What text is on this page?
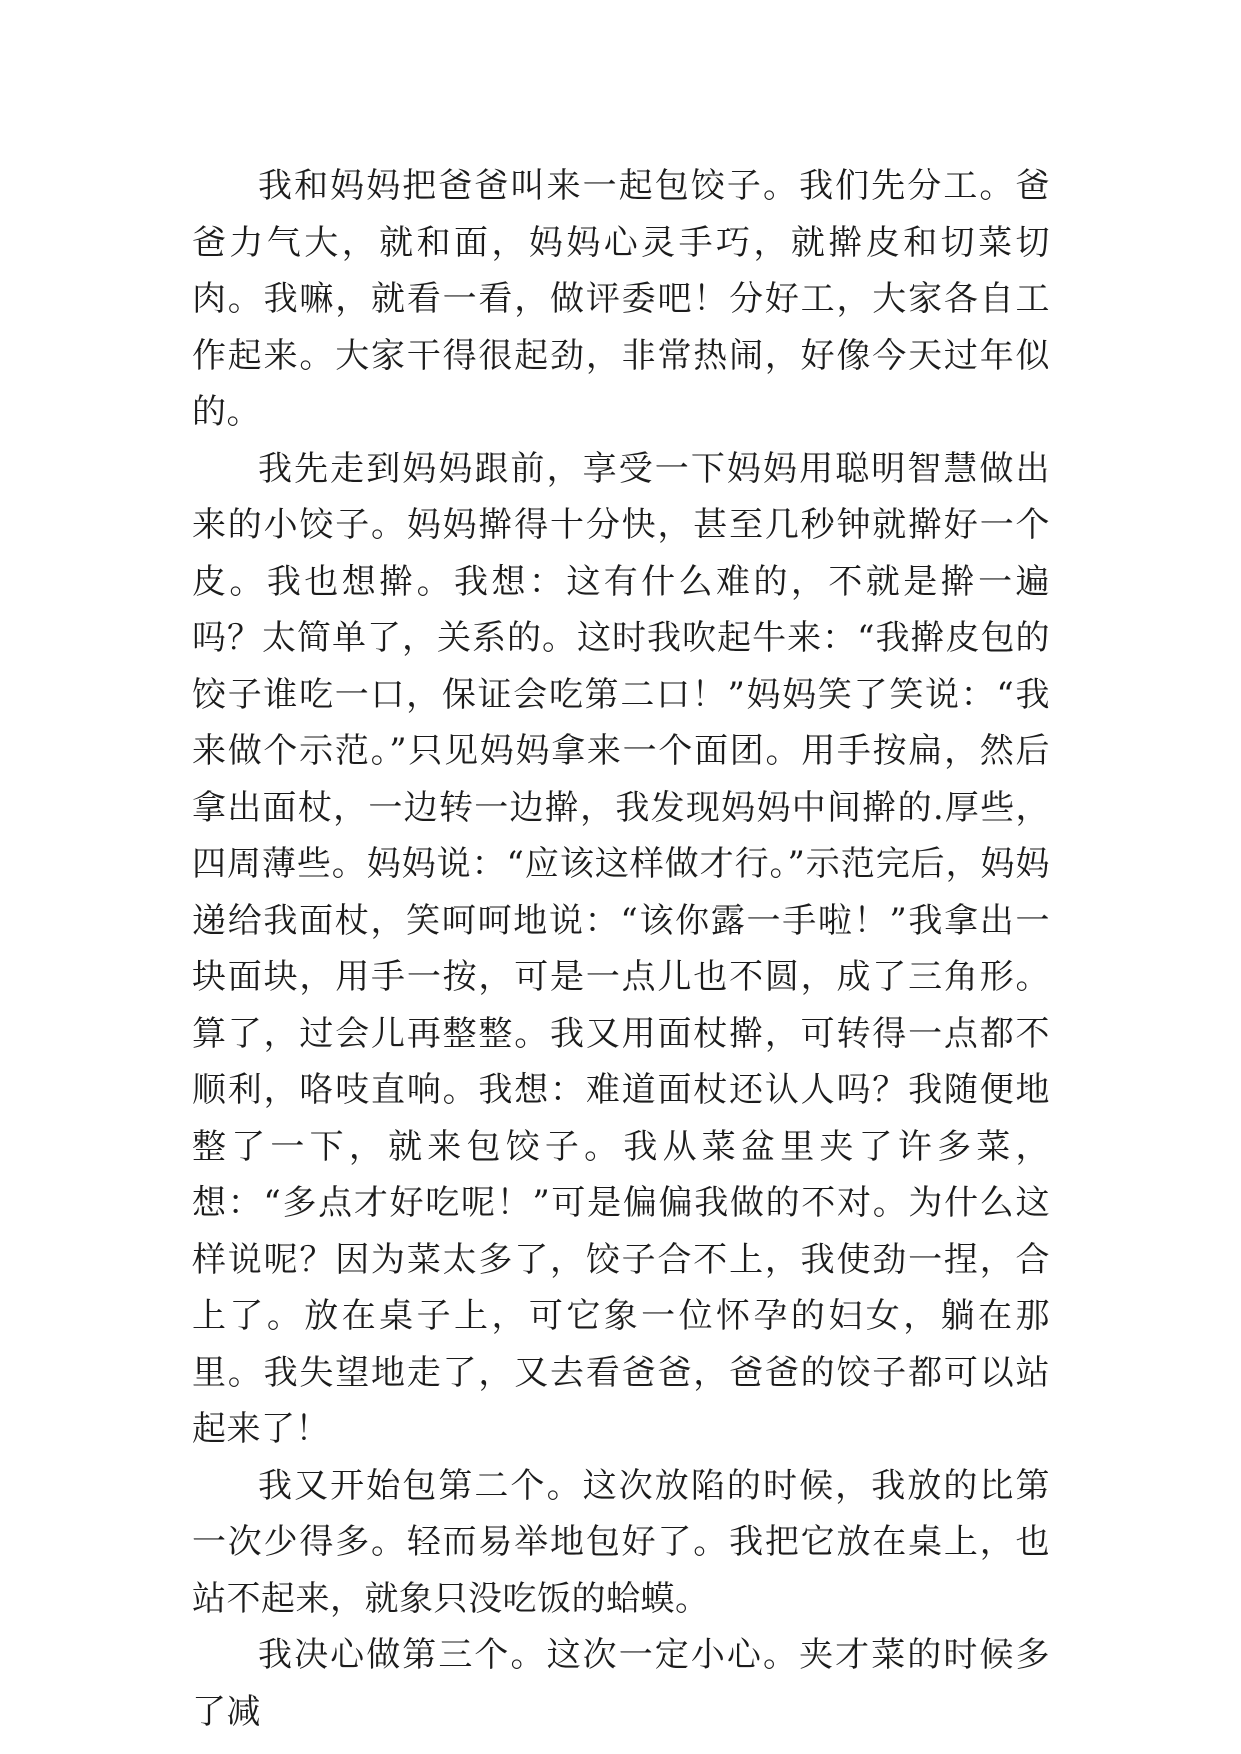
我和妈妈把爸爸叫来一起包饺子。我们先分工。爸爸力气大，就和面，妈妈心灵手巧，就擀皮和切菜切肉。我嘛，就看一看，做评委吧！分好工，大家各自工作起来。大家干得很起劲，非常热闹，好像今天过年似的。

我先走到妈妈跟前，享受一下妈妈用聪明智慧做出来的小饺子。妈妈擀得十分快，甚至几秒钟就擀好一个皮。我也想擀。我想：这有什么难的，不就是擀一遍吗？太简单了，关系的。这时我吹起牛来：“我擀皮包的饺子谁吃一口，保证会吃第二口！”妈妈笑了笑说：“我来做个示范。”只见妈妈拿来一个面团。用手按扁，然后拿出面杖，一边转一边擀，我发现妈妈中间擀的.厚些，四周薄些。妈妈说：“应该这样做才行。”示范完后，妈妈递给我面杖，笑呵呵地说：“该你露一手啦！”我拿出一块面块，用手一按，可是一点儿也不圆，成了三角形。算了，过会儿再整整。我又用面杖擀，可转得一点都不顺利，咯吱直响。我想：难道面杖还认人吗？我随便地整了一下，就来包饺子。我从菜盆里夹了许多菜，想：“多点才好吃呢！”可是偏偏我做的不对。为什么这样说呢？因为菜太多了，饺子合不上，我使劲一捏，合上了。放在桌子上，可它象一位怀孕的妇女，躺在那里。我失望地走了，又去看爸爸，爸爸的饺子都可以站起来了！

我又开始包第二个。这次放陷的时候，我放的比第一次少得多。轻而易举地包好了。我把它放在桌上，也站不起来，就象只没吃饭的蛤蟆。

我决心做第三个。这次一定小心。夹才菜的时候多了减
